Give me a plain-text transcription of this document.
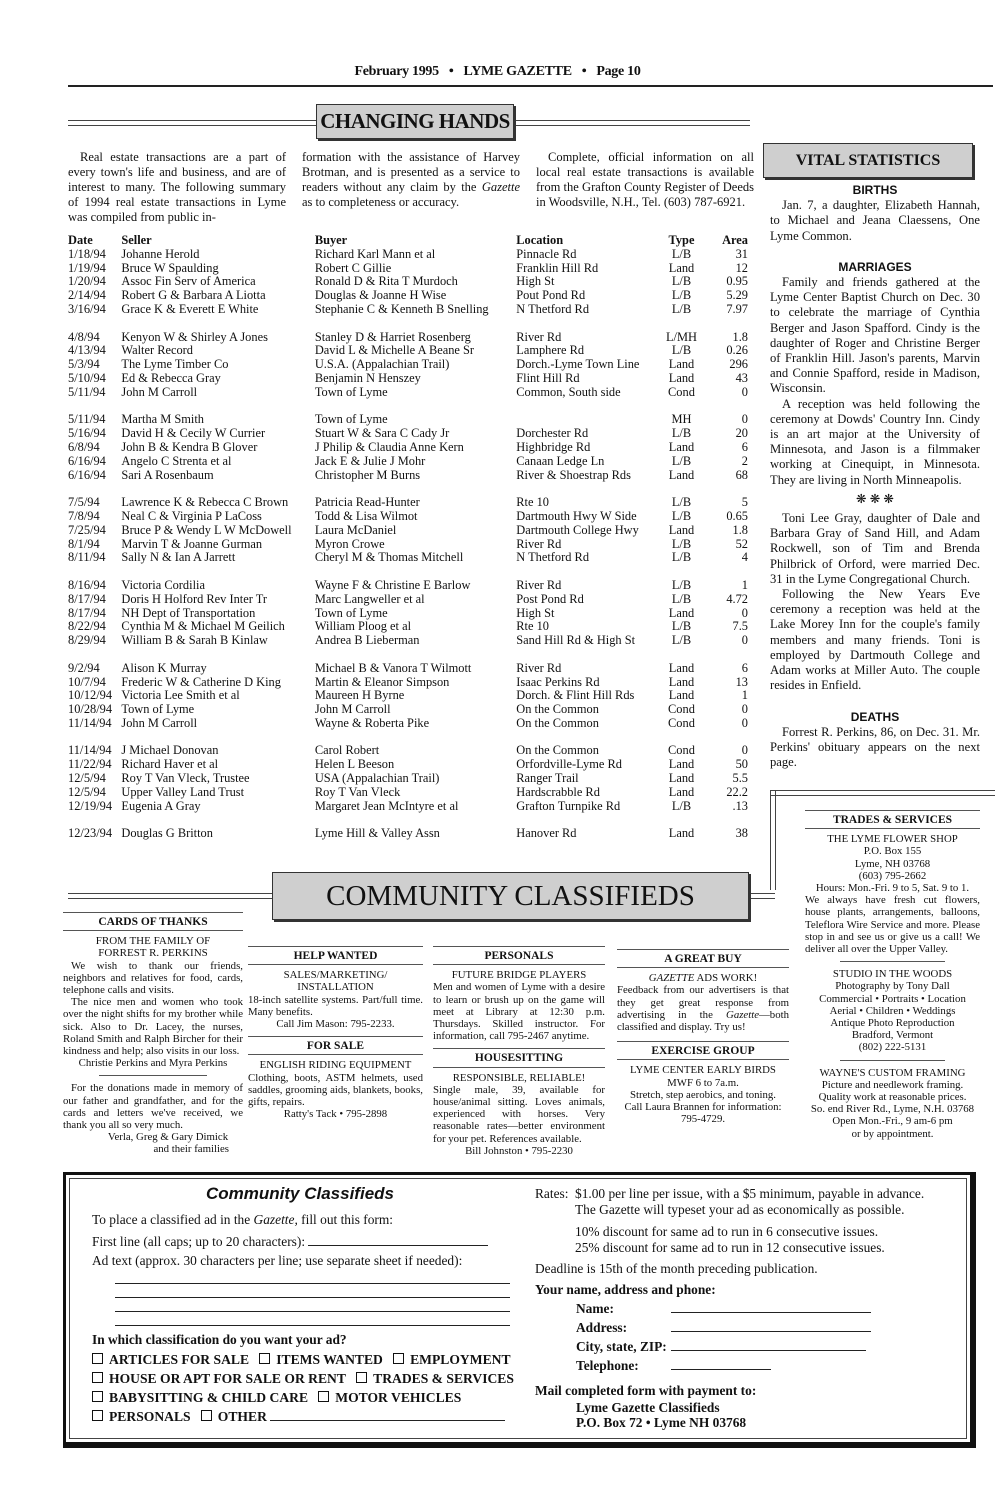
February 1995 • LYME GAZETTE • Page 10
CHANGING HANDS

Real estate transactions are a part of every town's life and business, and are of interest to many. The following summary of 1994 real estate transactions in Lyme was compiled from public in-

formation with the assistance of Harvey Brotman, and is presented as a service to readers without any claim by the Gazette as to completeness or accuracy.

Complete, official information on all local real estate transactions is available from the Grafton County Register of Deeds in Woodsville, N.H., Tel. (603) 787-6921.

Date	Seller	Buyer	Location	Type	Area
1/18/94	Johanne Herold	Richard Karl Mann et al	Pinnacle Rd	L/B	31
1/19/94	Bruce W Spaulding	Robert C Gillie	Franklin Hill Rd	Land	12
1/20/94	Assoc Fin Serv of America	Ronald D & Rita T Murdoch	High St	L/B	0.95
2/14/94	Robert G & Barbara A Liotta	Douglas & Joanne H Wise	Pout Pond Rd	L/B	5.29
3/16/94	Grace K & Everett E White	Stephanie C & Kenneth B Snelling	N Thetford Rd	L/B	7.97

4/8/94	Kenyon W & Shirley A Jones	Stanley D & Harriet Rosenberg	River Rd	L/MH	1.8
4/13/94	Walter Record	David L & Michelle A Beane Sr	Lamphere Rd	L/B	0.26
5/3/94	The Lyme Timber Co	U.S.A. (Appalachian Trail)	Dorch.-Lyme Town Line	Land	296
5/10/94	Ed & Rebecca Gray	Benjamin N Henszey	Flint Hill Rd	Land	43
5/11/94	John M Carroll	Town of Lyme	Common, South side	Cond	0

5/11/94	Martha M Smith	Town of Lyme		MH	0
5/16/94	David H & Cecily W Currier	Stuart W & Sara C Cady Jr	Dorchester Rd	L/B	20
6/8/94	John B & Kendra B Glover	J Philip & Claudia Anne Kern	Highbridge Rd	Land	6
6/16/94	Angelo C Strenta et al	Jack E & Julie J Mohr	Canaan Ledge Ln	L/B	2
6/16/94	Sari A Rosenbaum	Christopher M Burns	River & Shoestrap Rds	Land	68

7/5/94	Lawrence K & Rebecca C Brown	Patricia Read-Hunter	Rte 10	L/B	5
7/8/94	Neal C & Virginia P LaCoss	Todd & Lisa Wilmot	Dartmouth Hwy W Side	L/B	0.65
7/25/94	Bruce P & Wendy L W McDowell	Laura McDaniel	Dartmouth College Hwy	Land	1.8
8/1/94	Marvin T & Joanne Gurman	Myron Crowe	River Rd	L/B	52
8/11/94	Sally N & Ian A Jarrett	Cheryl M & Thomas Mitchell	N Thetford Rd	L/B	4

8/16/94	Victoria Cordilia	Wayne F & Christine E Barlow	River Rd	L/B	1
8/17/94	Doris H Holford Rev Inter Tr	Marc Langweller et al	Post Pond Rd	L/B	4.72
8/17/94	NH Dept of Transportation	Town of Lyme	High St	Land	0
8/22/94	Cynthia M & Michael M Geilich	William Ploog et al	Rte 10	L/B	7.5
8/29/94	William B & Sarah B Kinlaw	Andrea B Lieberman	Sand Hill Rd & High St	L/B	0

9/2/94	Alison K Murray	Michael B & Vanora T Wilmott	River Rd	Land	6
10/7/94	Frederic W & Catherine D King	Martin & Eleanor Simpson	Isaac Perkins Rd	Land	13
10/12/94	Victoria Lee Smith et al	Maureen H Byrne	Dorch. & Flint Hill Rds	Land	1
10/28/94	Town of Lyme	John M Carroll	On the Common	Cond	0
11/14/94	John M Carroll	Wayne & Roberta Pike	On the Common	Cond	0

11/14/94	J Michael Donovan	Carol Robert	On the Common	Cond	0
11/22/94	Richard Haver et al	Helen L Beeson	Orfordville-Lyme Rd	Land	50
12/5/94	Roy T Van Vleck, Trustee	USA (Appalachian Trail)	Ranger Trail	Land	5.5
12/5/94	Upper Valley Land Trust	Roy T Van Vleck	Hardscrabble Rd	Land	22.2
12/19/94	Eugenia A Gray	Margaret Jean McIntyre et al	Grafton Turnpike Rd	L/B	.13

12/23/94	Douglas G Britton	Lyme Hill & Valley Assn	Hanover Rd	Land	38
VITAL STATISTICS
BIRTHS

Jan. 7, a daughter, Elizabeth Hannah, to Michael and Jeana Claessens, One Lyme Common.

MARRIAGES

Family and friends gathered at the Lyme Center Baptist Church on Dec. 30 to celebrate the marriage of Cynthia Berger and Jason Spafford. Cindy is the daughter of Roger and Christine Berger of Franklin Hill. Jason's parents, Marvin and Connie Spafford, reside in Madison, Wisconsin.

A reception was held following the ceremony at Dowds' Country Inn. Cindy is an art major at the University of Minnesota, and Jason is a filmmaker working at Cinequipt, in Minnesota. They are living in North Minneapolis.

❋ ❋ ❋

Toni Lee Gray, daughter of Dale and Barbara Gray of Sand Hill, and Adam Rockwell, son of Tim and Brenda Philbrick of Orford, were married Dec. 31 in the Lyme Congregational Church.

Following the New Years Eve ceremony a reception was held at the Lake Morey Inn for the couple's family members and many friends. Toni is employed by Dartmouth College and Adam works at Miller Auto. The couple resides in Enfield.

DEATHS

Forrest R. Perkins, 86, on Dec. 31. Mr. Perkins' obituary appears on the next page.

COMMUNITY CLASSIFIEDS
CARDS OF THANKS
FROM THE FAMILY OF
FORREST R. PERKINS

We wish to thank our friends, neighbors and relatives for food, cards, telephone calls and visits.

The nice men and women who took over the night shifts for my brother while sick. Also to Dr. Lacey, the nurses, Roland Smith and Ralph Bircher for their kindness and help; also visits in our loss.

Christie Perkins and Myra Perkins

For the donations made in memory of our father and grandfather, and for the cards and letters we've received, we thank you all so very much.

Verla, Greg & Gary Dimick

and their families

HELP WANTED
SALES/MARKETING/
INSTALLATION

18-inch satellite systems. Part/full time. Many benefits.

Call Jim Mason: 795-2233.

FOR SALE
ENGLISH RIDING EQUIPMENT

Clothing, boots, ASTM helmets, used saddles, grooming aids, blankets, books, gifts, repairs.

Ratty's Tack • 795-2898

PERSONALS
FUTURE BRIDGE PLAYERS

Men and women of Lyme with a desire to learn or brush up on the game will meet at Library at 12:30 p.m. Thursdays. Skilled instructor. For information, call 795-2467 anytime.

HOUSESITTING
RESPONSIBLE, RELIABLE!

Single male, 39, available for house/animal sitting. Loves animals, experienced with horses. Very reasonable rates—better environment for your pet. References available.

Bill Johnston • 795-2230

A GREAT BUY
GAZETTE ADS WORK!

Feedback from our advertisers is that they get great response from advertising in the Gazette—both classified and display. Try us!

EXERCISE GROUP
LYME CENTER EARLY BIRDS
MWF 6 to 7a.m.

Stretch, step aerobics, and toning.

Call Laura Brannen for information:

795-4729.

TRADES & SERVICES
THE LYME FLOWER SHOP
P.O. Box 155
Lyme, NH 03768
(603) 795-2662
Hours: Mon.-Fri. 9 to 5, Sat. 9 to 1.

We always have fresh cut flowers, house plants, arrangements, balloons, Teleflora Wire Service and more. Please stop in and see us or give us a call! We deliver all over the Upper Valley.

STUDIO IN THE WOODS
Photography by Tony Dall
Commercial • Portraits • Location
Aerial • Children • Weddings
Antique Photo Reproduction
Bradford, Vermont
(802) 222-5131
WAYNE'S CUSTOM FRAMING
Picture and needlework framing.
Quality work at reasonable prices.
So. end River Rd., Lyme, N.H. 03768
Open Mon.-Fri., 9 am-6 pm
or by appointment.
Community Classifieds
To place a classified ad in the Gazette, fill out this form:
First line (all caps; up to 20 characters):
Ad text (approx. 30 characters per line; use separate sheet if needed):
In which classification do you want your ad?
ARTICLES FOR SALE ITEMS WANTED EMPLOYMENT
HOUSE OR APT FOR SALE OR RENT TRADES & SERVICES
BABYSITTING & CHILD CARE MOTOR VEHICLES
PERSONALS OTHER
Rates: $1.00 per line per issue, with a $5 minimum, payable in advance.
The Gazette will typeset your ad as economically as possible.
10% discount for same ad to run in 6 consecutive issues.
25% discount for same ad to run in 12 consecutive issues.
Deadline is 15th of the month preceding publication.
Your name, address and phone:
Name:
Address:
City, state, ZIP:
Telephone:
Mail completed form with payment to:
Lyme Gazette Classifieds
P.O. Box 72 • Lyme NH 03768
